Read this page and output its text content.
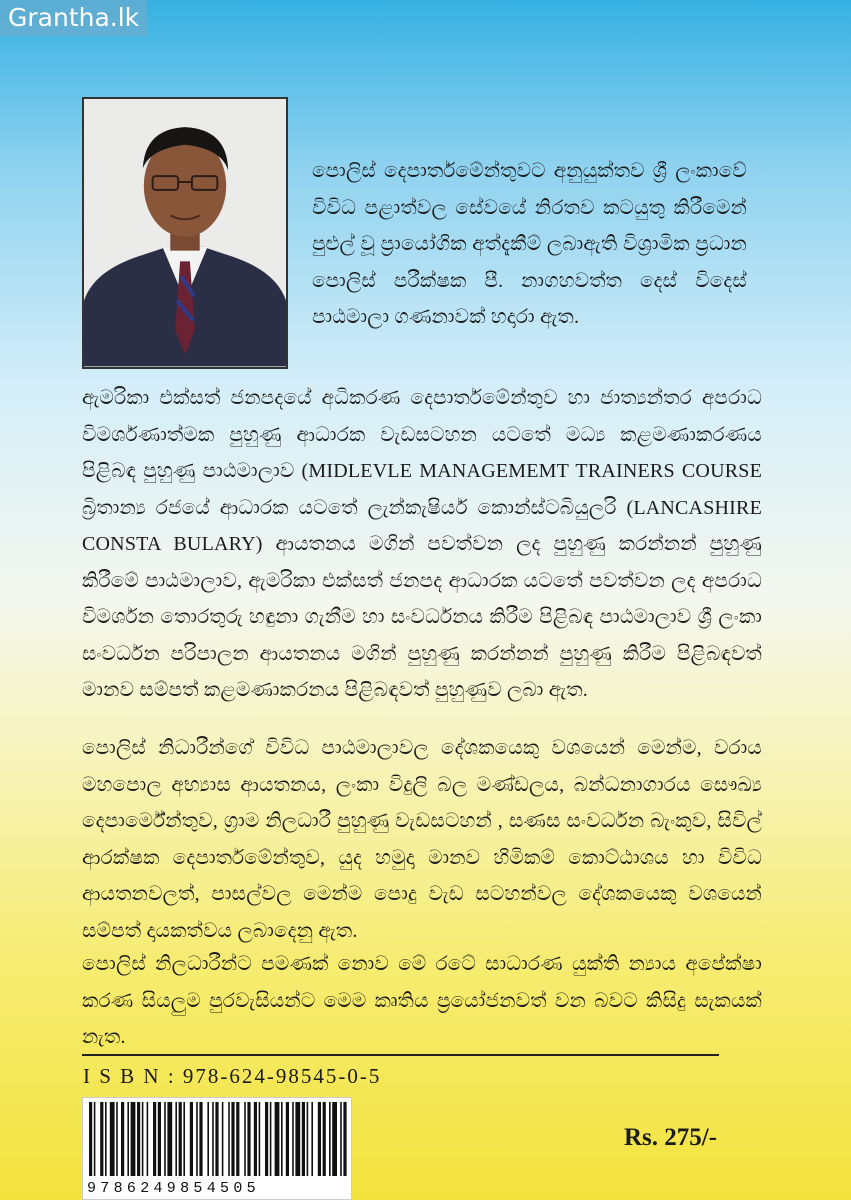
Grantha.lk
පොලිස් දෙපාර්තමේන්තුවට අනුයුක්තව ශ්‍රී ලංකාවේ විවිධ පළාත්වල සේවයේ නිරතව කටයුතු කිරීමෙන් පුළුල් වූ ප්‍රායෝගික අත්දැකීම් ලබාඇති විශ්‍රාමික ප්‍රධාන පොලිස් පරීක්ෂක පී. නාගහවත්ත දෙස් විදෙස් පාඨමාලා ගණනාවක් හදාරා ඇත.
ඇමරිකා එක්සත් ජනපදයේ අධිකරණ දෙපාර්තමේන්තුව හා ජාත්‍යන්තර අපරාධ විමර්ශණාත්මක පුහුණු ආධාරක වැඩසටහන යටතේ මධ්‍ය කළමණාකරණය පිළිබඳ පුහුණු පාඨමාලාව (MIDLEVLE MANAGEMEMT TRAINERS COURSE බ්‍රිතාන්‍ය රජයේ ආධාරක යටතේ ලැන්කැෂියර් කොන්ස්ටබියුලරි (LANCASHIRE CONSTA BULARY) ආයතනය මගින් පවත්වන ලද පුහුණු කරන්නන් පුහුණු කිරීමේ පාඨමාලාව, ඇමරිකා එක්සත් ජනපද ආධාරක යටතේ පවත්වන ලද අපරාධ විමර්ශන තොරතුරු හඳුනා ගැනීම හා සංවර්ධනය කිරීම පිළිබඳ පාඨමාලාව ශ්‍රී ලංකා සංවර්ධන පරිපාලන ආයතනය මගින් පුහුණු කරන්නන් පුහුණු කිරීම පිළිබඳවත් මානව සම්පත් කළමණාකරනය පිළිබඳවත් පුහුණුව ලබා ඇත.
පොලිස් නිධාරීන්ගේ විවිධ පාඨමාලාවල දේශකයෙකු වශයෙන් මෙන්ම, වරාය මහපොල අභ්‍යාස ආයතනය, ලංකා විදුලි බල මණ්ඩලය, බන්ධනාගාරය සෞඛ්‍ය දෙපාර්මේන්තුව, ග්‍රාම නිලධාරී පුහුණු වැඩසටහන් , සණස සංවර්ධන බැංකුව, සිවිල් ආරක්ෂක දෙපාර්තමේන්තුව, යුද හමුදා මානව හිමිකම් කොට්ඨාශය හා විවිධ ආයතනවලත්, පාසල්වල මෙන්ම පොදු වැඩ සටහන්වල දේශකයෙකු වශයෙන් සම්පත් දායකත්වය ලබාදෙනු ඇත.
පොලිස් නිලධාරීන්ට පමණක් නොව මේ රටේ සාධාරණ යුක්ති න්‍යාය අපේක්ෂා කරණ සියලුම පුරවැසියන්ට මෙම කෘතිය ප්‍රයෝජනවත් වන බවට කිසිදු සැකයක් නැත.
I S B N : 978-624-98545-0-5
9786249854505
Rs. 275/-
